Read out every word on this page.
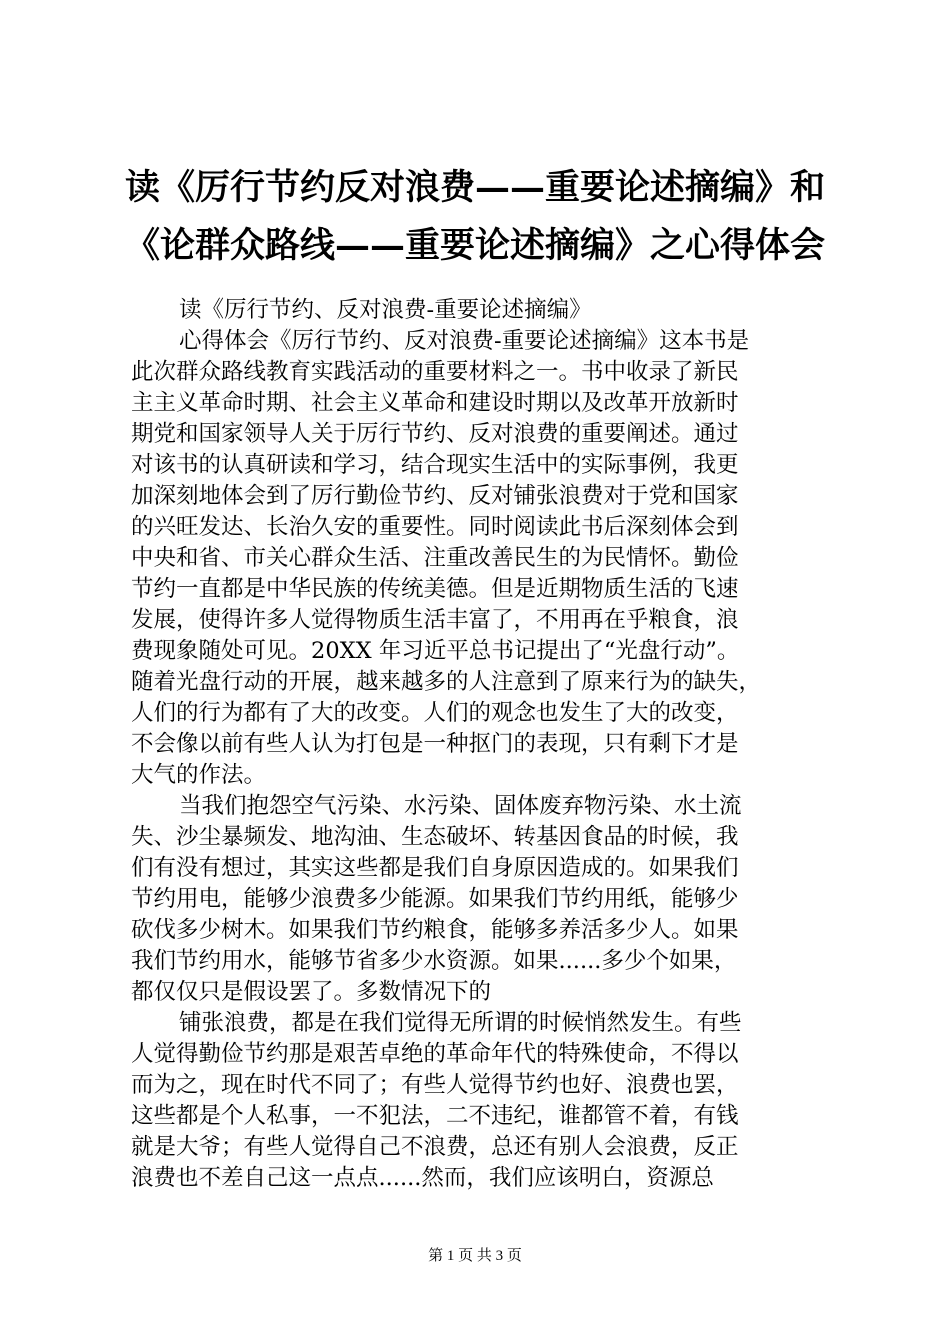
读《厉行节约反对浪费——重要论述摘编》和
《论群众路线——重要论述摘编》之心得体会
读《厉行节约、反对浪费-重要论述摘编》
心得体会《厉行节约、反对浪费-重要论述摘编》这本书是
此次群众路线教育实践活动的重要材料之一。书中收录了新民
主主义革命时期、社会主义革命和建设时期以及改革开放新时
期党和国家领导人关于厉行节约、反对浪费的重要阐述。通过
对该书的认真研读和学习，结合现实生活中的实际事例，我更
加深刻地体会到了厉行勤俭节约、反对铺张浪费对于党和国家
的兴旺发达、长治久安的重要性。同时阅读此书后深刻体会到
中央和省、市关心群众生活、注重改善民生的为民情怀。勤俭
节约一直都是中华民族的传统美德。但是近期物质生活的飞速
发展，使得许多人觉得物质生活丰富了，不用再在乎粮食，浪
费现象随处可见。20XX 年习近平总书记提出了“光盘行动”。
随着光盘行动的开展，越来越多的人注意到了原来行为的缺失，
人们的行为都有了大的改变。人们的观念也发生了大的改变，
不会像以前有些人认为打包是一种抠门的表现，只有剩下才是
大气的作法。
当我们抱怨空气污染、水污染、固体废弃物污染、水土流
失、沙尘暴频发、地沟油、生态破坏、转基因食品的时候，我
们有没有想过，其实这些都是我们自身原因造成的。如果我们
节约用电，能够少浪费多少能源。如果我们节约用纸，能够少
砍伐多少树木。如果我们节约粮食，能够多养活多少人。如果
我们节约用水，能够节省多少水资源。如果......多少个如果，
都仅仅只是假设罢了。多数情况下的
铺张浪费，都是在我们觉得无所谓的时候悄然发生。有些
人觉得勤俭节约那是艰苦卓绝的革命年代的特殊使命，不得以
而为之，现在时代不同了；有些人觉得节约也好、浪费也罢，
这些都是个人私事，一不犯法，二不违纪，谁都管不着，有钱
就是大爷；有些人觉得自己不浪费，总还有别人会浪费，反正
浪费也不差自己这一点点......然而，我们应该明白，资源总
第 1 页 共 3 页
